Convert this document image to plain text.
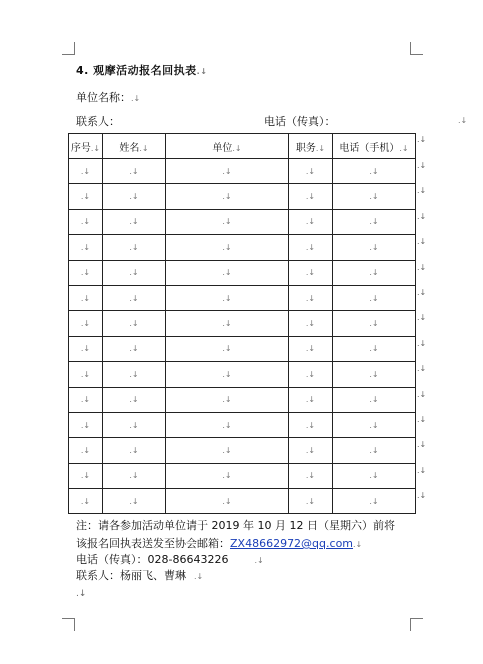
4. 观摩活动报名回执表.↓
单位名称：.↓
联系人：	电话（传真）：	.↓
序号.↓	姓名.↓	单位.↓	职务.↓	电话（手机）.↓
.↓	.↓	.↓	.↓	.↓
.↓	.↓	.↓	.↓	.↓
.↓	.↓	.↓	.↓	.↓
.↓	.↓	.↓	.↓	.↓
.↓	.↓	.↓	.↓	.↓
.↓	.↓	.↓	.↓	.↓
.↓	.↓	.↓	.↓	.↓
.↓	.↓	.↓	.↓	.↓
.↓	.↓	.↓	.↓	.↓
.↓	.↓	.↓	.↓	.↓
.↓	.↓	.↓	.↓	.↓
.↓	.↓	.↓	.↓	.↓
.↓	.↓	.↓	.↓	.↓
.↓	.↓	.↓	.↓	.↓
.↓
.↓
.↓
.↓
.↓
.↓
.↓
.↓
.↓
.↓
.↓
.↓
.↓
.↓
.↓
注：请各参加活动单位请于 2019 年 10 月 12 日（星期六）前将
该报名回执表送发至协会邮箱：ZX48662972@qq.com.↓
电话（传真）：028-86643226	.↓
联系人：杨丽飞、曹琳 .↓
.↓
